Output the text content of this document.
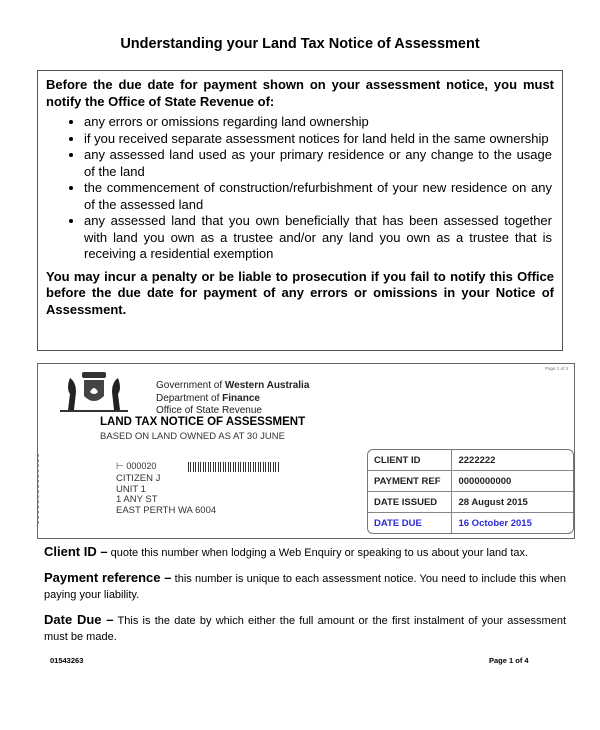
Understanding your Land Tax Notice of Assessment
Before the due date for payment shown on your assessment notice, you must notify the Office of State Revenue of:
• any errors or omissions regarding land ownership
• if you received separate assessment notices for land held in the same ownership
• any assessed land used as your primary residence or any change to the usage of the land
• the commencement of construction/refurbishment of your new residence on any of the assessed land
• any assessed land that you own beneficially that has been assessed together with land you own as a trustee and/or any land you own as a trustee that is receiving a residential exemption
You may incur a penalty or be liable to prosecution if you fail to notify this Office before the due date for payment of any errors or omissions in your Notice of Assessment.
Page 1 of 3
Government of Western Australia
Department of Finance
Office of State Revenue
LAND TAX NOTICE OF ASSESSMENT
BASED ON LAND OWNED AS AT 30 JUNE
⊢ 000020
CITIZEN J
UNIT 1
1 ANY ST
EAST PERTH WA 6004
CLIENT ID	2222222
PAYMENT REF	0000000000
DATE ISSUED	28 August 2015
DATE DUE	16 October 2015

Client ID – quote this number when lodging a Web Enquiry or speaking to us about your land tax.

Payment reference – this number is unique to each assessment notice. You need to include this when paying your liability.

Date Due – This is the date by which either the full amount or the first instalment of your assessment must be made.

01543263	Page 1 of 4
